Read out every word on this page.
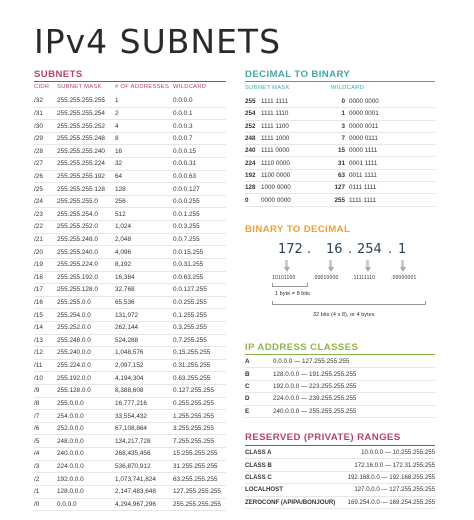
IPv4 SUBNETS
SUBNETS
CIDR	SUBNET MASK	# OF ADDRESSES WILDCARD
/32	255.255.255.255	1	0.0.0.0
/31	255.255.255.254	2	0.0.0.1
/30	255.255.255.252	4	0.0.0.3
/29	255.255.255.248	8	0.0.0.7
/28	255.255.255.240	16	0.0.0.15
/27	255.255.255.224	32	0.0.0.31
/26	255.255.255.192	64	0.0.0.63
/25	255.255.255.128	128	0.0.0.127
/24	255.255.255.0	256	0.0.0.255
/23	255.255.254.0	512	0.0.1.255
/22	255.255.252.0	1,024	0.0.3.255
/21	255.255.248.0	2,048	0.0.7.255
/20	255.255.240.0	4,096	0.0.15.255
/19	255.255.224.0	8,192	0.0.31.255
/18	255.255.192.0	16,384	0.0.63.255
/17	255.255.128.0	32,768	0.0.127.255
/16	255.255.0.0	65,536	0.0.255.255
/15	255.254.0.0	131,072	0.1.255.255
/14	255.252.0.0	262,144	0.3.255.255
/13	255.248.0.0	524,288	0.7.255.255
/12	255.240.0.0	1,048,576	0.15.255.255
/11	255.224.0.0	2,097,152	0.31.255.255
/10	255.192.0.0	4,194,304	0.63.255.255
/9	255.128.0.0	8,388,608	0.127.255.255
/8	255.0.0.0	16,777,216	0.255.255.255
/7	254.0.0.0	33,554,432	1.255.255.255
/6	252.0.0.0	67,108,864	3.255.255.255
/5	248.0.0.0	134,217,728	7.255.255.255
/4	240.0.0.0	268,435,456	15.255.255.255
/3	224.0.0.0	536,870,912	31.255.255.255
/2	192.0.0.0	1,073,741,824	63.255.255.255
/1	128.0.0.0	2,147,483,648	127.255.255.255
/0	0.0.0.0	4,294,967,296	255.255.255.255
DECIMAL TO BINARY
SUBNET MASK	WILDCARD
255 1111 1111	0 0000 0000
254 1111 1110	1 0000 0001
252 1111 1100	3 0000 0011
248 1111 1000	7 0000 0111
240 1111 0000	15 0000 1111
224 1110 0000	31 0001 1111
192 1100 0000	63 0011 1111
128 1000 0000	127 0111 1111
0	0000 0000	255 1111 1111
BINARY TO DECIMAL
172 . 16 . 254 . 1
10101100	.00010000	.11111110	.00000001
1 byte = 8 bits
32 bits (4 x 8), or 4 bytes
IP ADDRESS CLASSES
A	0.0.0.0 — 127.255.255.255
B	128.0.0.0 — 191.255.255.255
C	192.0.0.0 — 223.255.255.255
D	224.0.0.0 — 239.255.255.255
E	240.0.0.0 — 255.255.255.255
RESERVED (PRIVATE) RANGES
CLASS A	10.0.0.0 — 10.255.255.255
CLASS B	172.16.0.0 — 172.31.255.255
CLASS C	192.168.0.0 — 192.168.255.255
LOCALHOST	127.0.0.0 — 127.255.255.255
ZEROCONF (APIPA/BONJOUR)	169.254.0.0 — 169.254.255.255
